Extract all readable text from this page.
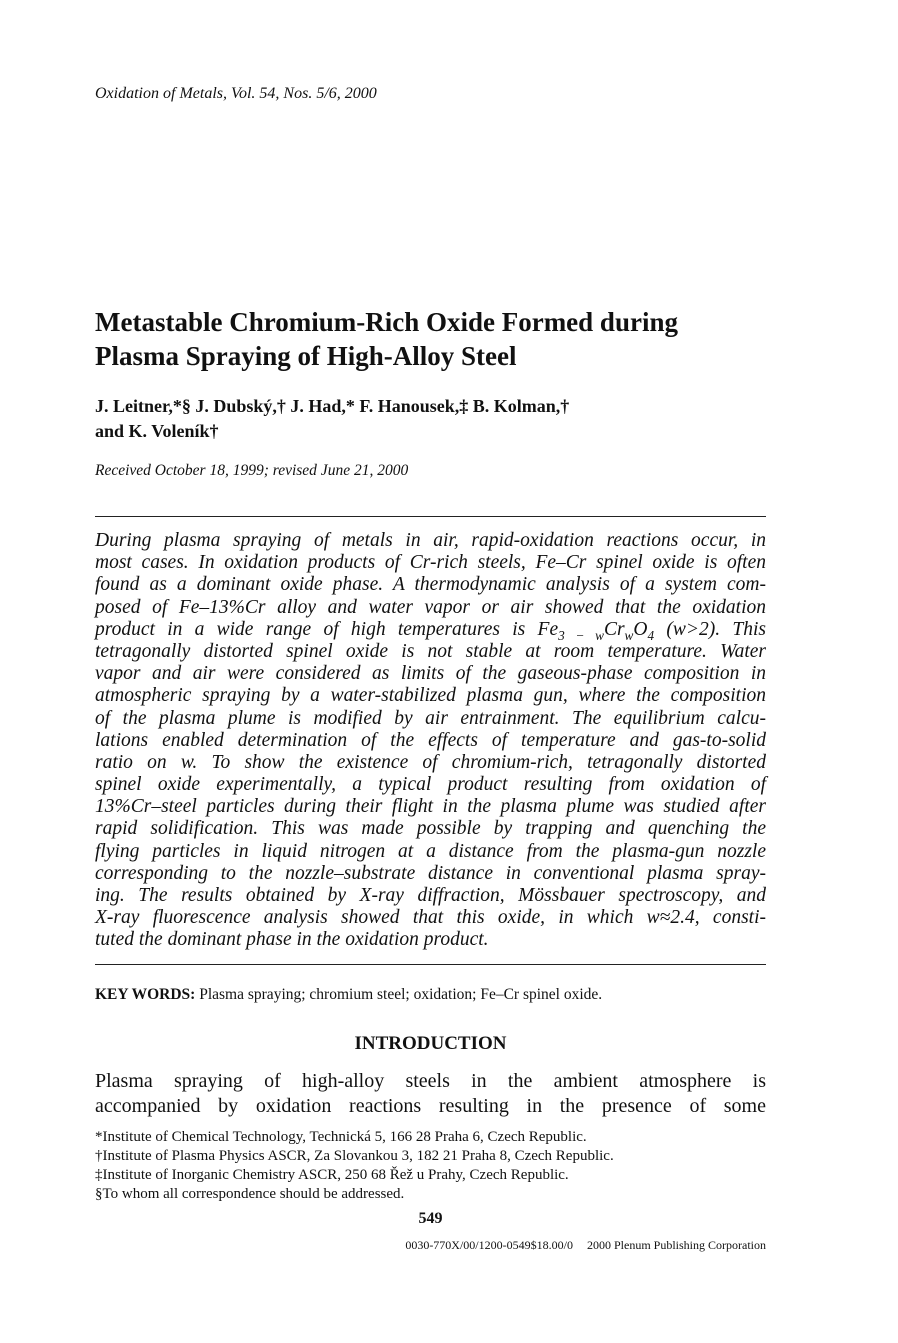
Oxidation of Metals, Vol. 54, Nos. 5/6, 2000
Metastable Chromium-Rich Oxide Formed during
Plasma Spraying of High-Alloy Steel
J. Leitner,*§ J. Dubský,† J. Had,* F. Hanousek,‡ B. Kolman,†
and K. Voleník†
Received October 18, 1999; revised June 21, 2000
During plasma spraying of metals in air, rapid-oxidation reactions occur, in
most cases. In oxidation products of Cr-rich steels, Fe–Cr spinel oxide is often
found as a dominant oxide phase. A thermodynamic analysis of a system com-
posed of Fe–13%Cr alloy and water vapor or air showed that the oxidation
product in a wide range of high temperatures is $Fe_{3 - w}Cr_wO_4$ (w>2). This
tetragonally distorted spinel oxide is not stable at room temperature. Water
vapor and air were considered as limits of the gaseous-phase composition in
atmospheric spraying by a water-stabilized plasma gun, where the composition
of the plasma plume is modified by air entrainment. The equilibrium calcu-
lations enabled determination of the effects of temperature and gas-to-solid
ratio on w. To show the existence of chromium-rich, tetragonally distorted
spinel oxide experimentally, a typical product resulting from oxidation of
13%Cr–steel particles during their flight in the plasma plume was studied after
rapid solidification. This was made possible by trapping and quenching the
flying particles in liquid nitrogen at a distance from the plasma-gun nozzle
corresponding to the nozzle–substrate distance in conventional plasma spray-
ing. The results obtained by X-ray diffraction, Mössbauer spectroscopy, and
X-ray fluorescence analysis showed that this oxide, in which w≈2.4, consti-
tuted the dominant phase in the oxidation product.
KEY WORDS: Plasma spraying; chromium steel; oxidation; Fe–Cr spinel oxide.
INTRODUCTION
Plasma spraying of high-alloy steels in the ambient atmosphere is
accompanied by oxidation reactions resulting in the presence of some
*Institute of Chemical Technology, Technická 5, 166 28 Praha 6, Czech Republic.
†Institute of Plasma Physics ASCR, Za Slovankou 3, 182 21 Praha 8, Czech Republic.
‡Institute of Inorganic Chemistry ASCR, 250 68 Řež u Prahy, Czech Republic.
§To whom all correspondence should be addressed.
549
0030-770X/00/1200-0549$18.00/0 2000 Plenum Publishing Corporation
